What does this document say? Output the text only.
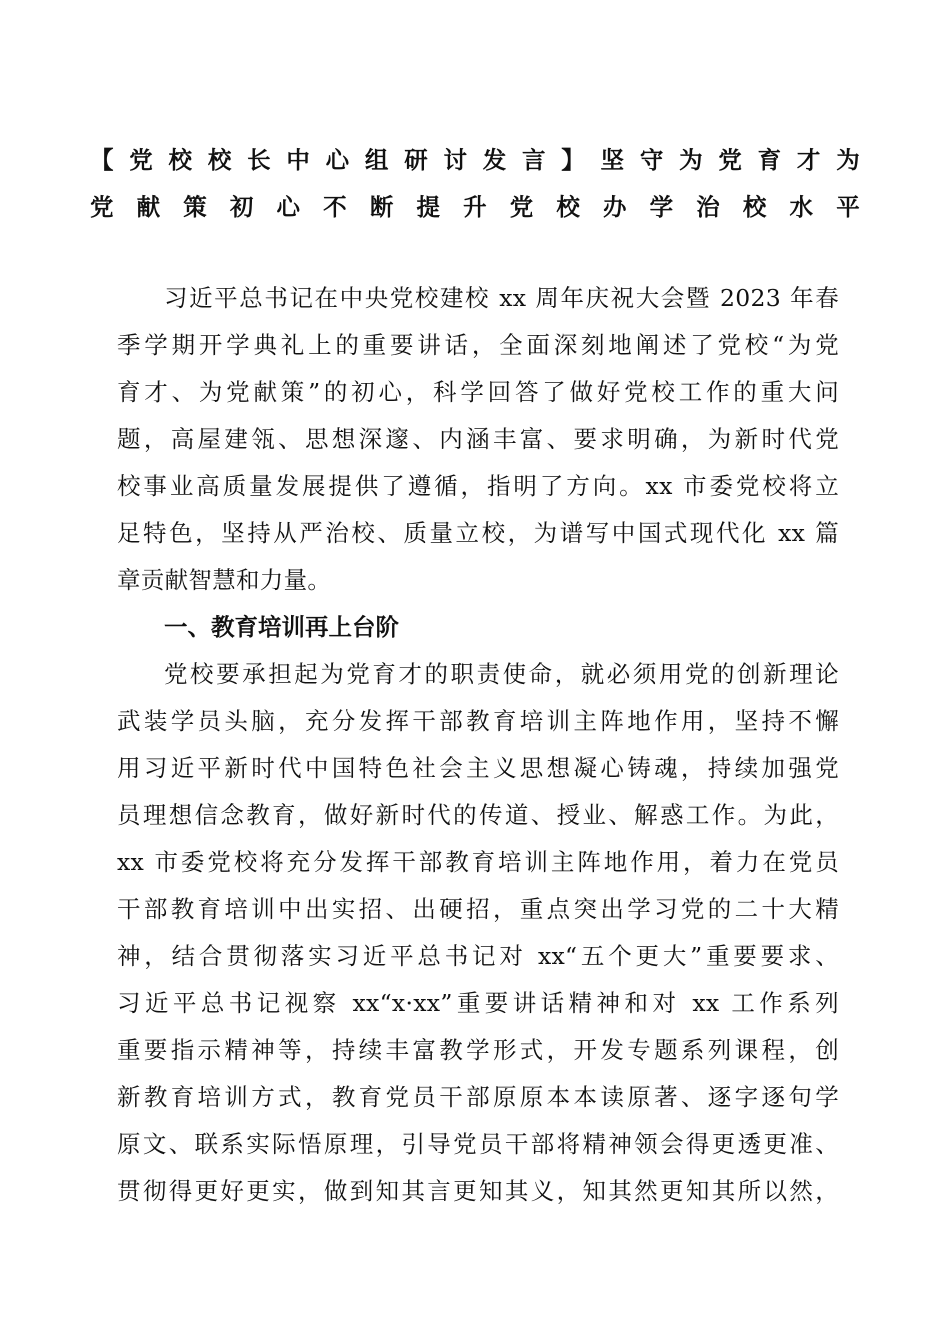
【党校校长中心组研讨发言】坚守为党育才为
党献策初心不断提升党校办学治校水平
习近平总书记在中央党校建校 xx 周年庆祝大会暨 2023 年春
季学期开学典礼上的重要讲话，全面深刻地阐述了党校“为党
育才、为党献策”的初心，科学回答了做好党校工作的重大问
题，高屋建瓴、思想深邃、内涵丰富、要求明确，为新时代党
校事业高质量发展提供了遵循，指明了方向。xx 市委党校将立
足特色，坚持从严治校、质量立校，为谱写中国式现代化 xx 篇
章贡献智慧和力量。
一、教育培训再上台阶
党校要承担起为党育才的职责使命，就必须用党的创新理论
武装学员头脑，充分发挥干部教育培训主阵地作用，坚持不懈
用习近平新时代中国特色社会主义思想凝心铸魂，持续加强党
员理想信念教育，做好新时代的传道、授业、解惑工作。为此，
xx 市委党校将充分发挥干部教育培训主阵地作用，着力在党员
干部教育培训中出实招、出硬招，重点突出学习党的二十大精
神，结合贯彻落实习近平总书记对 xx“五个更大”重要要求、
习近平总书记视察 xx“x·xx”重要讲话精神和对 xx 工作系列
重要指示精神等，持续丰富教学形式，开发专题系列课程，创
新教育培训方式，教育党员干部原原本本读原著、逐字逐句学
原文、联系实际悟原理，引导党员干部将精神领会得更透更准、
贯彻得更好更实，做到知其言更知其义，知其然更知其所以然，
